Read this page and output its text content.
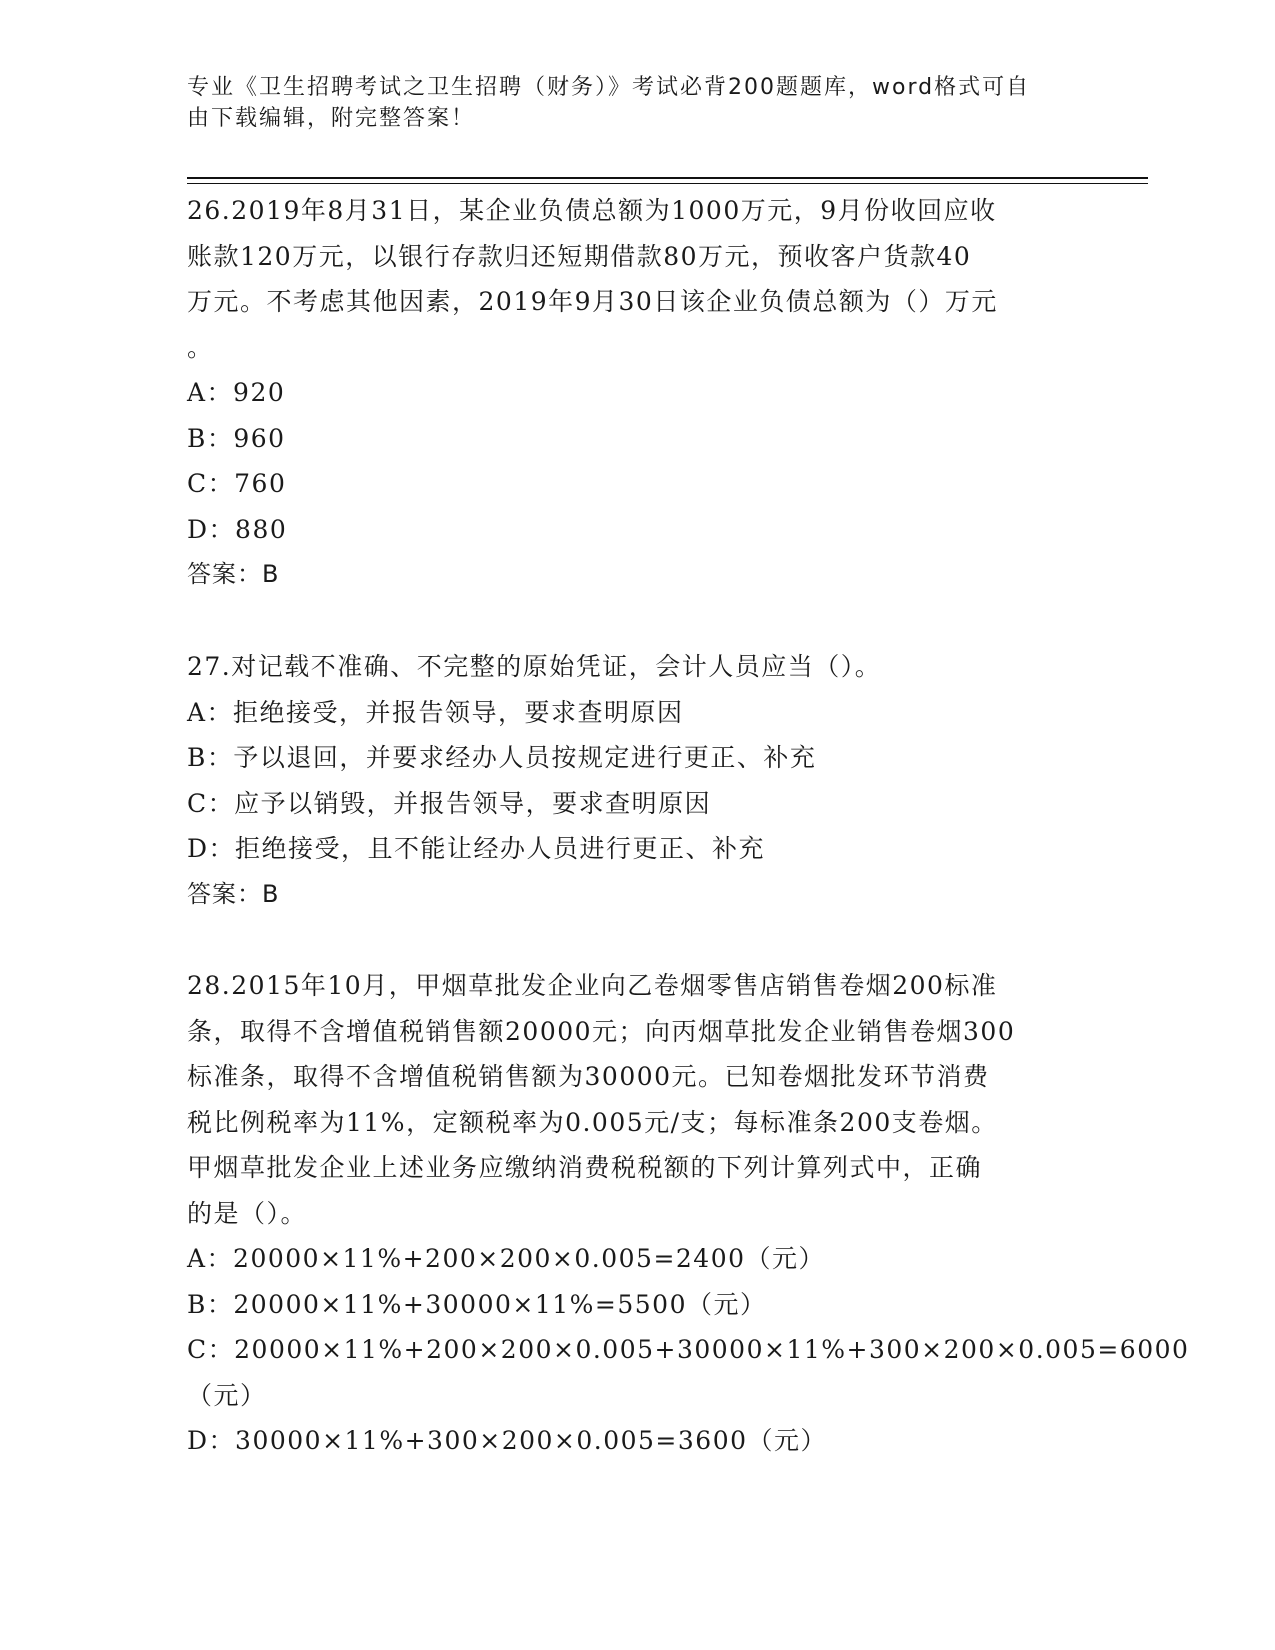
专业《卫生招聘考试之卫生招聘（财务）》考试必背200题题库，word格式可自
由下载编辑，附完整答案！
26.2019年8月31日，某企业负债总额为1000万元，9月份收回应收
账款120万元，以银行存款归还短期借款80万元，预收客户货款40
万元。不考虑其他因素，2019年9月30日该企业负债总额为（）万元
。
A：920
B：960
C：760
D：880
答案：B
27.对记载不准确、不完整的原始凭证，会计人员应当（）。
A：拒绝接受，并报告领导，要求查明原因
B：予以退回，并要求经办人员按规定进行更正、补充
C：应予以销毁，并报告领导，要求查明原因
D：拒绝接受，且不能让经办人员进行更正、补充
答案：B
28.2015年10月，甲烟草批发企业向乙卷烟零售店销售卷烟200标准
条，取得不含增值税销售额20000元；向丙烟草批发企业销售卷烟300
标准条，取得不含增值税销售额为30000元。已知卷烟批发环节消费
税比例税率为11%，定额税率为0.005元/支；每标准条200支卷烟。
甲烟草批发企业上述业务应缴纳消费税税额的下列计算列式中，正确
的是（）。
A：20000×11%+200×200×0.005=2400（元）
B：20000×11%+30000×11%=5500（元）
C：20000×11%+200×200×0.005+30000×11%+300×200×0.005=6000
（元）
D：30000×11%+300×200×0.005=3600（元）
